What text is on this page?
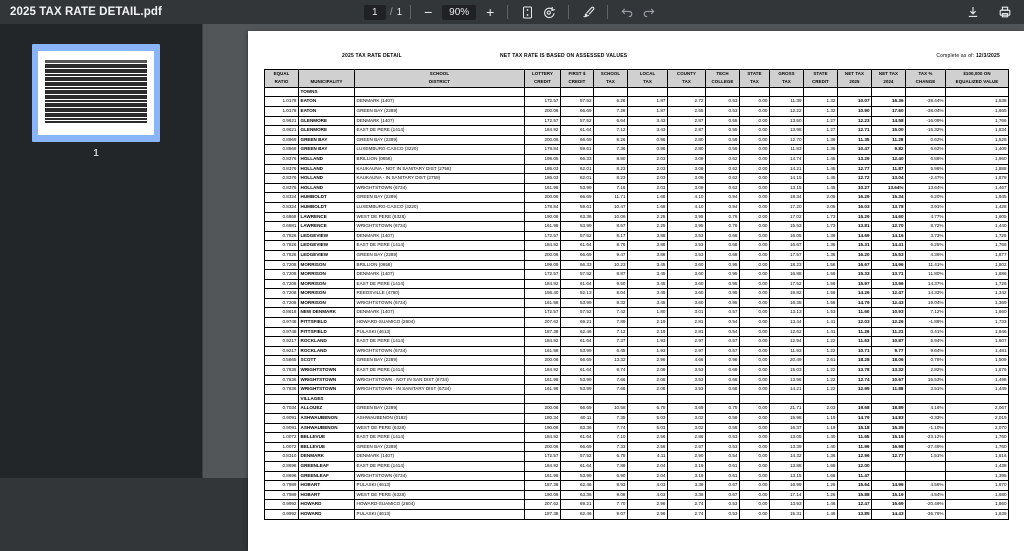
2025 TAX RATE DETAIL.pdf
1	/ 1	−	90%	+
1
2025 TAX RATE DETAIL	NET TAX RATE IS BASED ON ASSESSED VALUES	Complete as of: 12/3/2025
EQUAL		SCHOOL	LOTTERY	FIRST $	SCHOOL	LOCAL	COUNTY	TECH	STATE	GROSS	STATE	NET TAX	NET TAX	TAX %	$100,000 ON
RATIO	MUNICIPALITY	DISTRICT	CREDIT	CREDIT	TAX	TAX	TAX	COLLEGE	TAX	TAX	CREDIT	2025	2024	CHANGE	EQUALIZED VALUE
	TOWNS														
1.0178	EATON	DENMARK (1407)	172.57	57.52	6.28	1.87	2.72	0.53	0.00	11.39	1.32	10.07	16.36	-38.44%	1,538
1.0178	EATON	GREEN BAY (2289)	200.06	66.69	7.28	1.87	2.55	0.53	0.00	12.22	1.32	10.90	17.60	-38.04%	1,665
0.9621	GLENMORE	DENMARK (1407)	172.57	57.52	6.64	3.43	2.87	0.55	0.00	13.50	1.27	12.23	14.58	-16.09%	1,766
0.9621	GLENMORE	EAST DE PERE (1414)	184.92	61.64	7.12	3.43	2.87	0.55	0.00	13.98	1.27	12.71	15.00	-15.32%	1,834
0.8969	GREEN BAY	GREEN BAY (2289)	200.06	66.69	8.26	0.96	2.80	0.59	0.00	12.70	1.36	11.35	11.28	0.62%	1,528
0.8969	GREEN BAY	LUXEMBURG-CASCO (3220)	178.84	59.61	7.36	0.96	2.80	0.59	0.00	11.83	1.36	10.47	9.82	6.62%	1,409
0.8376	HOLLAND	BRILLION (0658)	199.05	66.33	8.80	2.03	3.09	0.62	0.00	14.74	1.45	13.29	12.40	6.88%	1,960
0.8376	HOLLAND	KAUKAUNA - NOT IN SANITARY DIST (2758)	186.03	62.01	8.23	2.03	3.09	0.62	0.00	14.21	1.45	12.77	11.87	5.98%	1,888
0.8376	HOLLAND	KAUKAUNA - IN SANITARY DIST (2758)	186.03	62.01	8.23	2.03	3.09	0.62	0.00	14.15	1.45	12.72	13.04	-2.47%	1,878
0.8376	HOLLAND	WRIGHTSTOWN (6734)	161.98	53.99	7.16	2.03	3.09	0.62	0.00	13.15	1.45	10.27	13.64%	13.64%	1,467
0.8324	HUMBOLDT	GREEN BAY (2289)	200.06	66.69	11.71	1.68	4.10	0.94	0.00	18.34	2.05	16.29	15.34	6.20%	1,945
0.8324	HUMBOLDT	LUXEMBURG-CASCO (3220)	178.84	59.61	10.47	1.68	4.10	0.94	0.00	17.20	2.05	16.03	13.78	3.91%	1,428
0.6868	LAWRENCE	WEST DE PERE (6328)	190.08	63.36	10.06	2.25	3.95	0.76	0.00	17.02	1.73	15.29	14.60	4.77%	1,605
0.6881	LAWRENCE	WRIGHTSTOWN (6734)	161.98	53.99	8.57	2.25	3.95	0.76	0.00	15.53	1.73	13.81	12.70	8.72%	1,440
0.7826	LEDGEVIEW	DENMARK (1407)	172.57	57.52	8.17	3.88	3.53	0.68	0.00	16.05	1.36	14.69	14.16	3.73%	1,725
0.7826	LEDGEVIEW	EAST DE PERE (1414)	184.92	61.64	8.76	3.88	3.53	0.68	0.00	16.67	1.36	15.31	14.41	6.25%	1,766
0.7826	LEDGEVIEW	GREEN BAY (2289)	200.06	66.69	9.47	3.88	3.53	0.68	0.00	17.57	1.36	16.20	15.53	4.36%	1,877
0.7208	MORRISON	BRILLION (0658)	199.05	66.33	10.23	3.45	3.60	0.95	0.00	18.23	1.56	16.67	14.96	11.41%	1,802
0.7208	MORRISON	DENMARK (1407)	172.57	57.52	8.87	3.45	3.60	0.95	0.00	16.88	1.56	15.33	13.71	11.80%	1,686
0.7208	MORRISON	EAST DE PERE (1414)	184.92	61.64	9.50	3.45	3.60	0.95	0.00	17.52	1.56	15.97	13.96	14.37%	1,726
0.7208	MORRISON	REEDSVILLE (4760)	156.40	52.13	8.04	3.45	3.60	0.95	0.00	15.82	1.56	14.26	12.47	14.33%	1,342
0.7208	MORRISON	WRIGHTSTOWN (6734)	161.98	53.99	8.32	3.45	3.60	0.95	0.00	16.35	1.56	14.79	12.43	19.04%	1,369
0.8618	NEW DENMARK	DENMARK (1407)	172.57	57.52	7.42	1.80	3.01	0.57	0.00	13.13	1.53	11.60	10.93	7.12%	1,660
0.9748	PITTSFIELD	HOWARD-SUAMICO (2604)	207.62	69.21	7.89	2.19	2.81	0.54	0.00	13.44	1.41	12.03	12.26	-1.88%	1,733
0.9748	PITTSFIELD	PULASKI (4613)	187.38	62.46	7.12	2.19	2.81	0.54	0.00	12.62	1.41	11.26	11.21	0.41%	1,946
0.9217	ROCKLAND	EAST DE PERE (1414)	184.92	61.64	7.37	1.93	2.97	0.57	0.00	12.94	1.22	11.63	10.87	5.94%	1,607
0.9217	ROCKLAND	WRIGHTSTOWN (6734)	161.98	53.99	6.45	1.93	2.97	0.57	0.00	11.93	1.22	10.71	9.77	9.64%	1,481
0.5865	SCOTT	GREEN BAY (2289)	200.06	66.69	13.32	2.96	4.66	0.96	0.00	20.49	2.61	18.28	18.06	0.78%	1,509
0.7836	WRIGHTSTOWN	EAST DE PERE (1414)	184.92	61.64	8.74	2.08	3.53	0.68	0.00	15.03	1.22	13.78	13.32	2.82%	1,676
0.7836	WRIGHTSTOWN	WRIGHTSTOWN - NOT IN SAN DIST (6734)	161.98	53.99	7.66	2.08	3.53	0.68	0.00	13.96	1.22	12.74	10.67	15.53%	1,498
0.7836	WRIGHTSTOWN	WRIGHTSTOWN - IN SANITARY DIST (6734)	161.98	53.99	7.66	2.08	3.53	0.68	0.00	14.21	1.22	12.99	11.88	3.51%	1,449
	VILLAGES														
0.7034	ALLOUEZ	GREEN BAY (2289)	200.06	66.69	10.58	6.75	3.69	0.75	0.00	21.71	2.03	19.68	18.89	4.16%	2,067
0.9091	ASHWAUBENON	ASHWAUBENON (0182)	180.34	60.11	7.35	5.03	3.02	0.58	0.00	15.98	1.19	14.79	14.83	-0.33%	2,019
0.9091	ASHWAUBENON	WEST DE PERE (6328)	190.08	63.36	7.74	5.03	3.02	0.58	0.00	16.37	1.19	15.18	15.35	-1.10%	2,070
1.0072	BELLEVUE	EAST DE PERE (1414)	184.92	61.64	7.10	2.56	2.86	0.53	0.00	13.05	1.40	11.65	15.15	-23.12%	1,760
1.0072	BELLEVUE	GREEN BAY (2289)	200.06	66.69	7.33	2.56	2.57	0.53	0.00	13.39	1.40	11.99	16.98	-27.49%	1,760
0.8310	DENMARK	DENMARK (1407)	172.57	57.52	6.75	4.11	2.90	0.54	0.00	14.32	1.36	12.96	12.77	1.51%	1,616
0.8696	GREENLEAF	EAST DE PERE (1414)	184.92	61.64	7.88	2.04	3.19	0.61	0.00	13.88	1.68	12.00			1,438
0.8696	GREENLEAF	WRIGHTSTOWN (6734)	161.98	53.99	6.90	2.04	3.19	0.61	0.00	13.15	1.68	11.47			1,395
0.7989	HOBART	PULASKI (4613)	187.38	62.46	8.93	4.03	3.36	0.67	0.00	16.99	1.26	15.64	14.96	4.56%	1,670
0.7989	HOBART	WEST DE PERE (6328)	190.08	63.36	9.08	4.03	3.36	0.67	0.00	17.14	1.26	15.88	15.19	4.54%	1,680
0.9992	HOWARD	HOWARD-SUAMICO (2604)	207.62	69.21	7.70	2.96	2.74	0.53	0.00	13.93	1.46	12.47	15.69	-20.49%	1,860
0.9992	HOWARD	PULASKI (4613)	187.38	62.46	9.07	2.96	2.74	0.53	0.00	15.31	1.46	13.85	14.43	-36.76%	1,639
